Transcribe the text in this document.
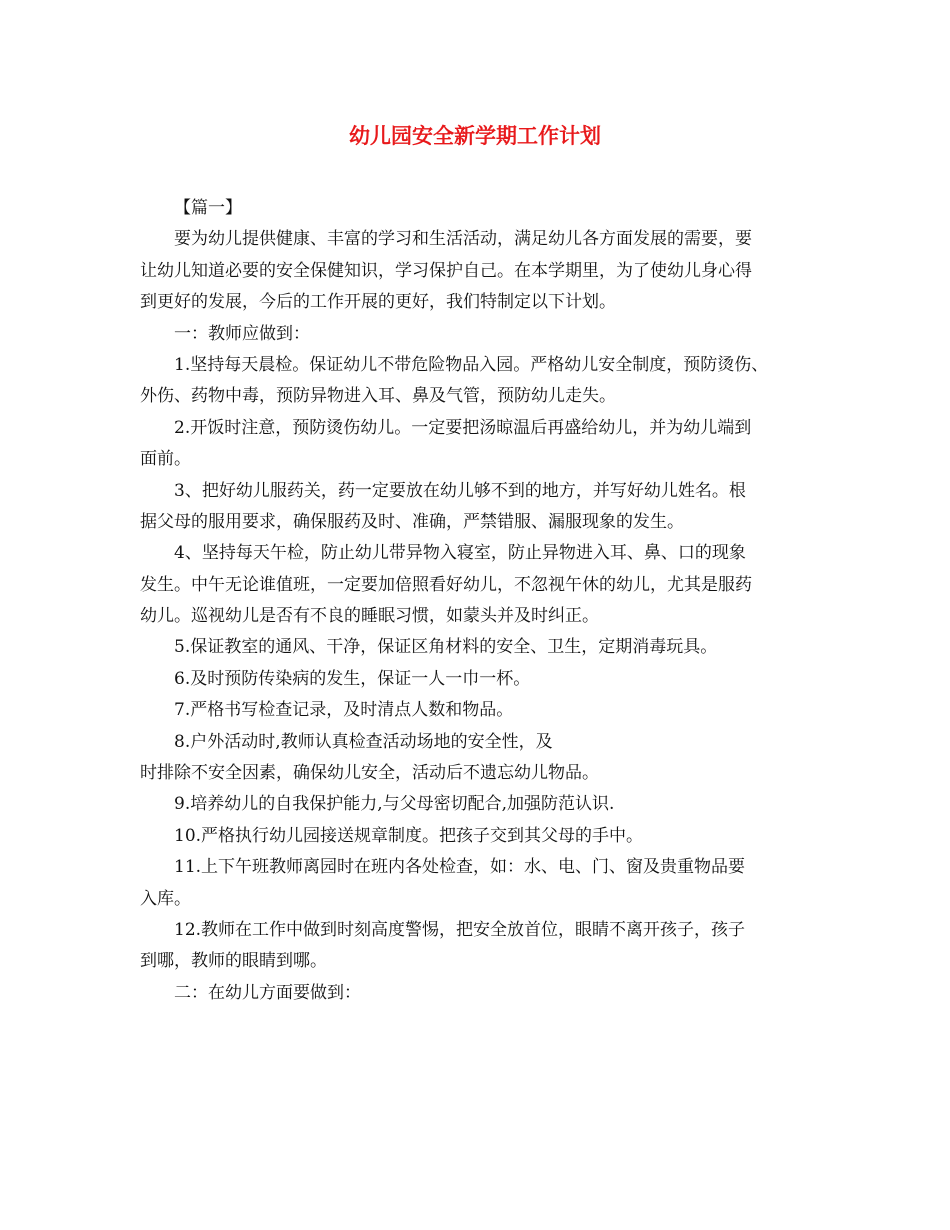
幼儿园安全新学期工作计划
【篇一】
要为幼儿提供健康、丰富的学习和生活活动，满足幼儿各方面发展的需要，要
让幼儿知道必要的安全保健知识，学习保护自己。在本学期里，为了使幼儿身心得
到更好的发展，今后的工作开展的更好，我们特制定以下计划。
一：教师应做到：
1.坚持每天晨检。保证幼儿不带危险物品入园。严格幼儿安全制度，预防烫伤、
外伤、药物中毒，预防异物进入耳、鼻及气管，预防幼儿走失。
2.开饭时注意，预防烫伤幼儿。一定要把汤晾温后再盛给幼儿，并为幼儿端到
面前。
3、把好幼儿服药关，药一定要放在幼儿够不到的地方，并写好幼儿姓名。根
据父母的服用要求，确保服药及时、准确，严禁错服、漏服现象的发生。
4、坚持每天午检，防止幼儿带异物入寝室，防止异物进入耳、鼻、口的现象
发生。中午无论谁值班，一定要加倍照看好幼儿，不忽视午休的幼儿，尤其是服药
幼儿。巡视幼儿是否有不良的睡眠习惯，如蒙头并及时纠正。
5.保证教室的通风、干净，保证区角材料的安全、卫生，定期消毒玩具。
6.及时预防传染病的发生，保证一人一巾一杯。
7.严格书写检查记录，及时清点人数和物品。
8.户外活动时,教师认真检查活动场地的安全性，及
时排除不安全因素，确保幼儿安全，活动后不遗忘幼儿物品。
9.培养幼儿的自我保护能力,与父母密切配合,加强防范认识.
10.严格执行幼儿园接送规章制度。把孩子交到其父母的手中。
11.上下午班教师离园时在班内各处检查，如：水、电、门、窗及贵重物品要
入库。
12.教师在工作中做到时刻高度警惕，把安全放首位，眼睛不离开孩子，孩子
到哪，教师的眼睛到哪。
二：在幼儿方面要做到：
